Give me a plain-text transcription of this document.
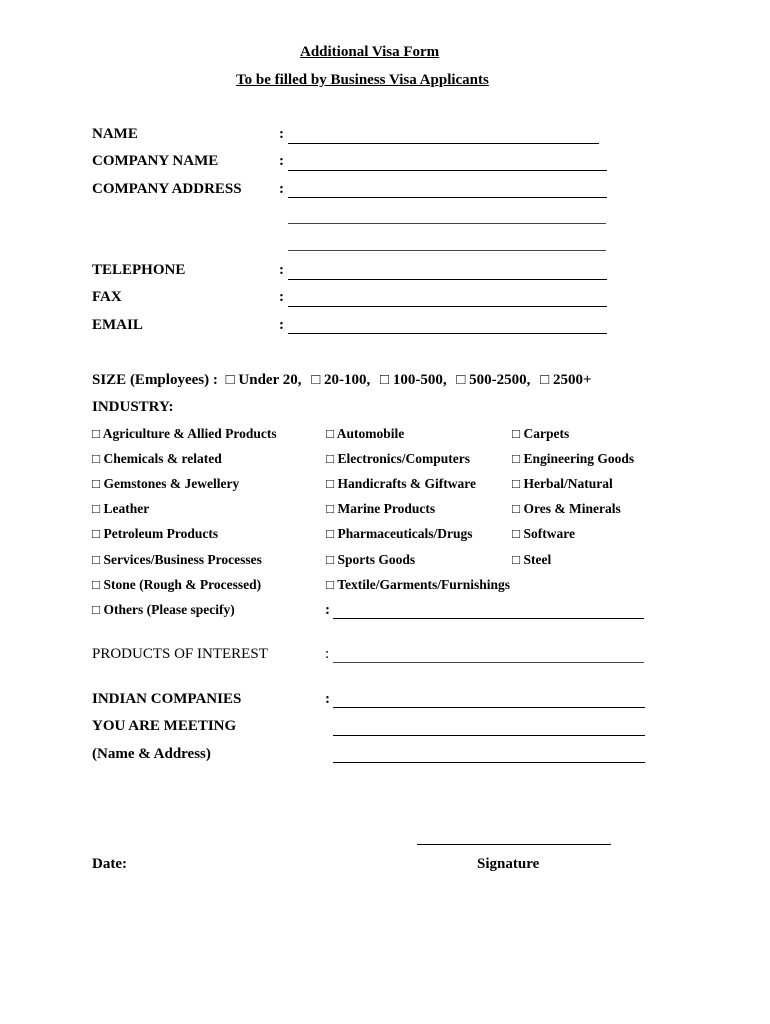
Additional Visa Form
To be filled by Business Visa Applicants
NAME	:
COMPANY NAME	:
COMPANY ADDRESS :
TELEPHONE	:
FAX	:
EMAIL	:
SIZE (Employees) : □ Under 20, □ 20-100, □ 100-500, □ 500-2500, □ 2500+
INDUSTRY:
□ Agriculture & Allied Products	□ Automobile	□ Carpets
□ Chemicals & related	□ Electronics/Computers	□ Engineering Goods
□ Gemstones & Jewellery	□ Handicrafts & Giftware	□ Herbal/Natural
□ Leather	□ Marine Products	□ Ores & Minerals
□ Petroleum Products	□ Pharmaceuticals/Drugs	□ Software
□ Services/Business Processes	□ Sports Goods	□ Steel
□ Stone (Rough & Processed)	□ Textile/Garments/Furnishings
□ Others (Please specify)	:
PRODUCTS OF INTEREST	:
INDIAN COMPANIES	:
YOU ARE MEETING
(Name & Address)
Date:	Signature
